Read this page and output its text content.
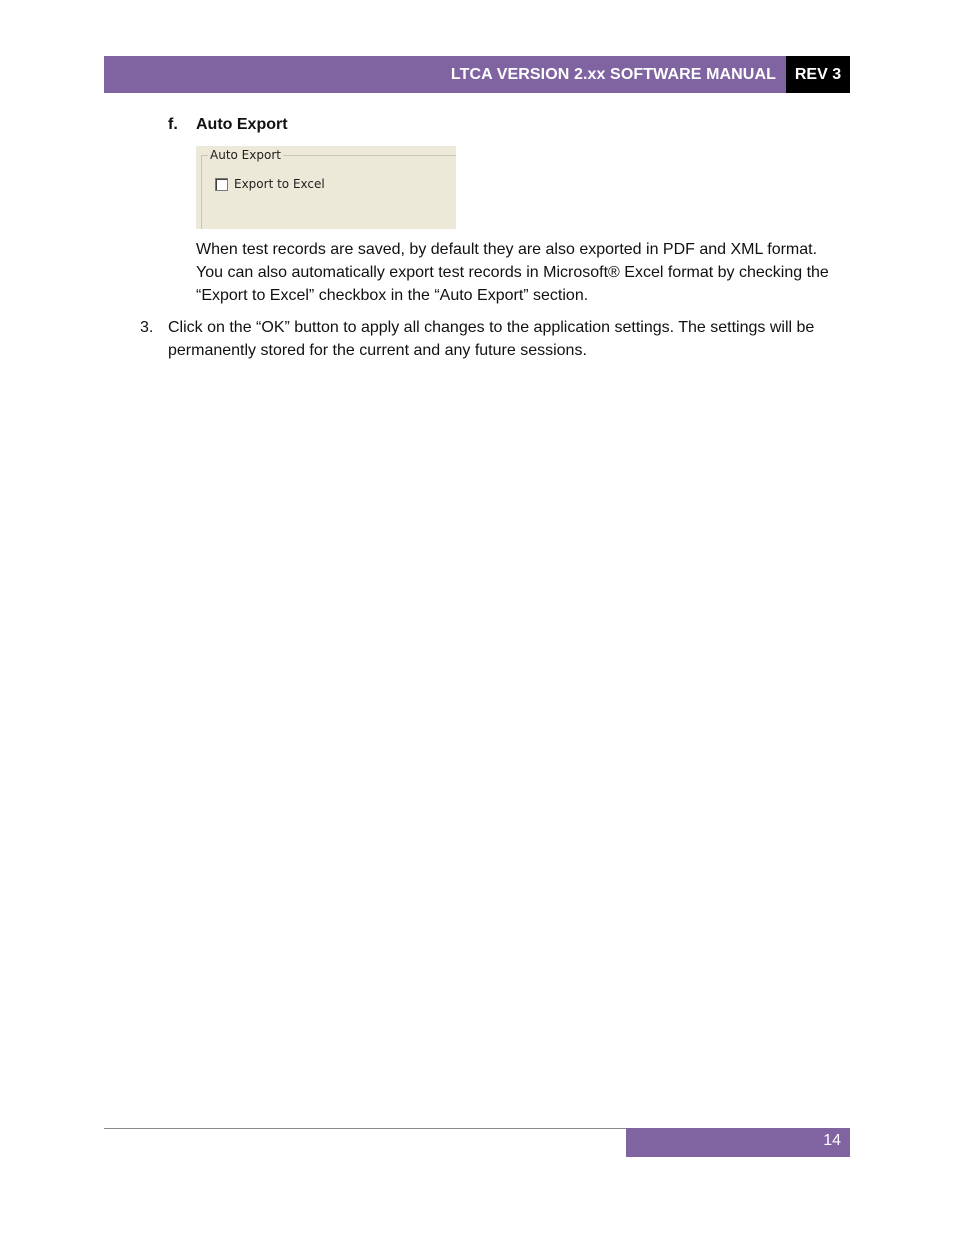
LTCA VERSION 2.xx SOFTWARE MANUAL	REV 3
f. Auto Export
Auto Export
Export to Excel
When test records are saved, by default they are also exported in PDF and XML format. You can also automatically export test records in Microsoft® Excel format by checking the “Export to Excel” checkbox in the “Auto Export” section.
3. Click on the “OK” button to apply all changes to the application settings. The settings will be permanently stored for the current and any future sessions.
14
